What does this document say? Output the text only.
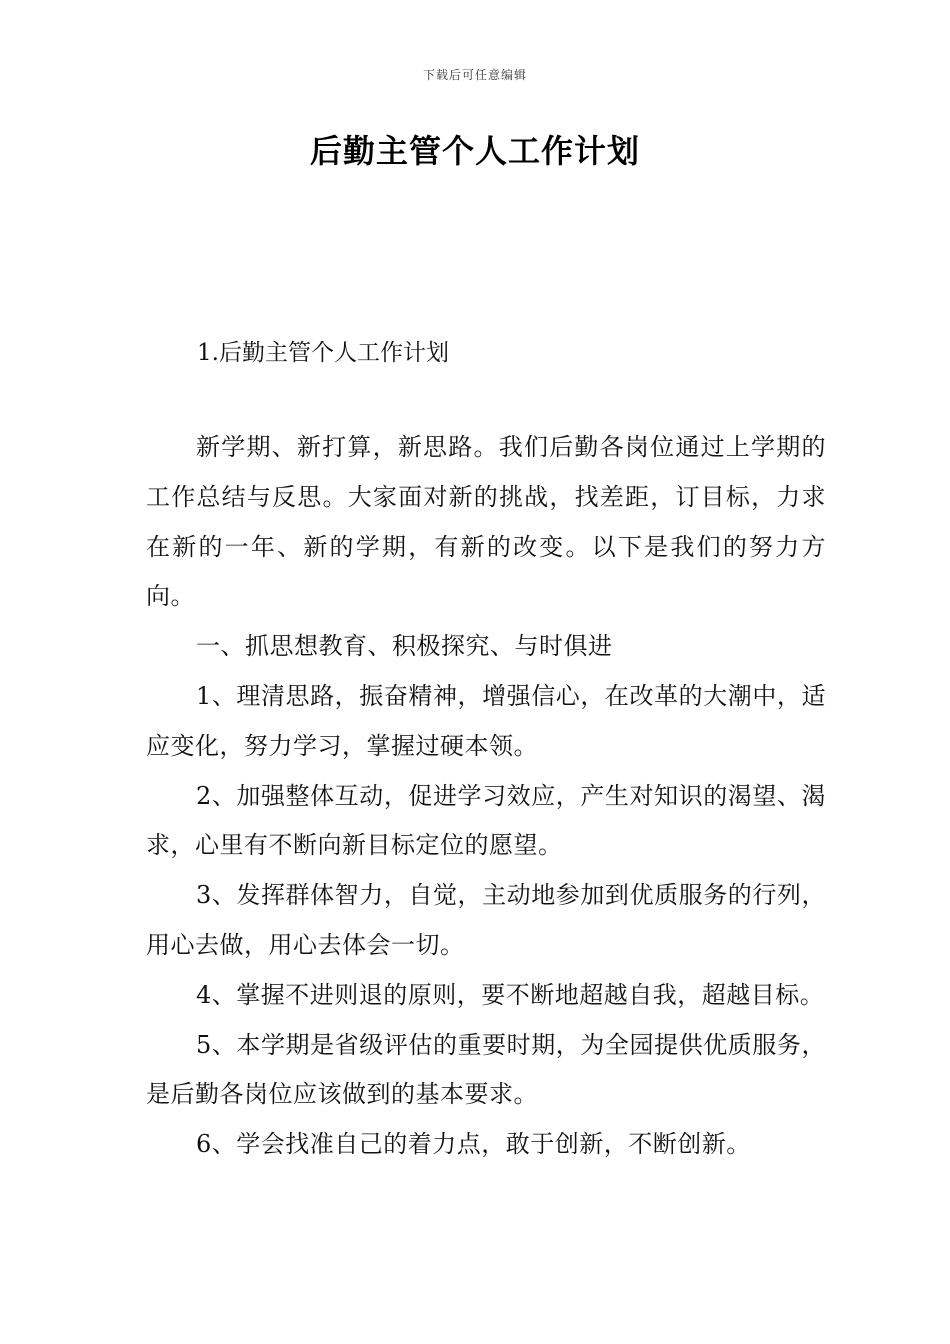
下载后可任意编辑
后勤主管个人工作计划
1.后勤主管个人工作计划

新学期、新打算，新思路。我们后勤各岗位通过上学期的工作总结与反思。大家面对新的挑战，找差距，订目标，力求在新的一年、新的学期，有新的改变。以下是我们的努力方向。

一、抓思想教育、积极探究、与时俱进

1、理清思路，振奋精神，增强信心，在改革的大潮中，适应变化，努力学习，掌握过硬本领。

2、加强整体互动，促进学习效应，产生对知识的渴望、渴求，心里有不断向新目标定位的愿望。

3、发挥群体智力，自觉，主动地参加到优质服务的行列，用心去做，用心去体会一切。

4、掌握不进则退的原则，要不断地超越自我，超越目标。

5、本学期是省级评估的重要时期，为全园提供优质服务，是后勤各岗位应该做到的基本要求。

6、学会找准自己的着力点，敢于创新，不断创新。
